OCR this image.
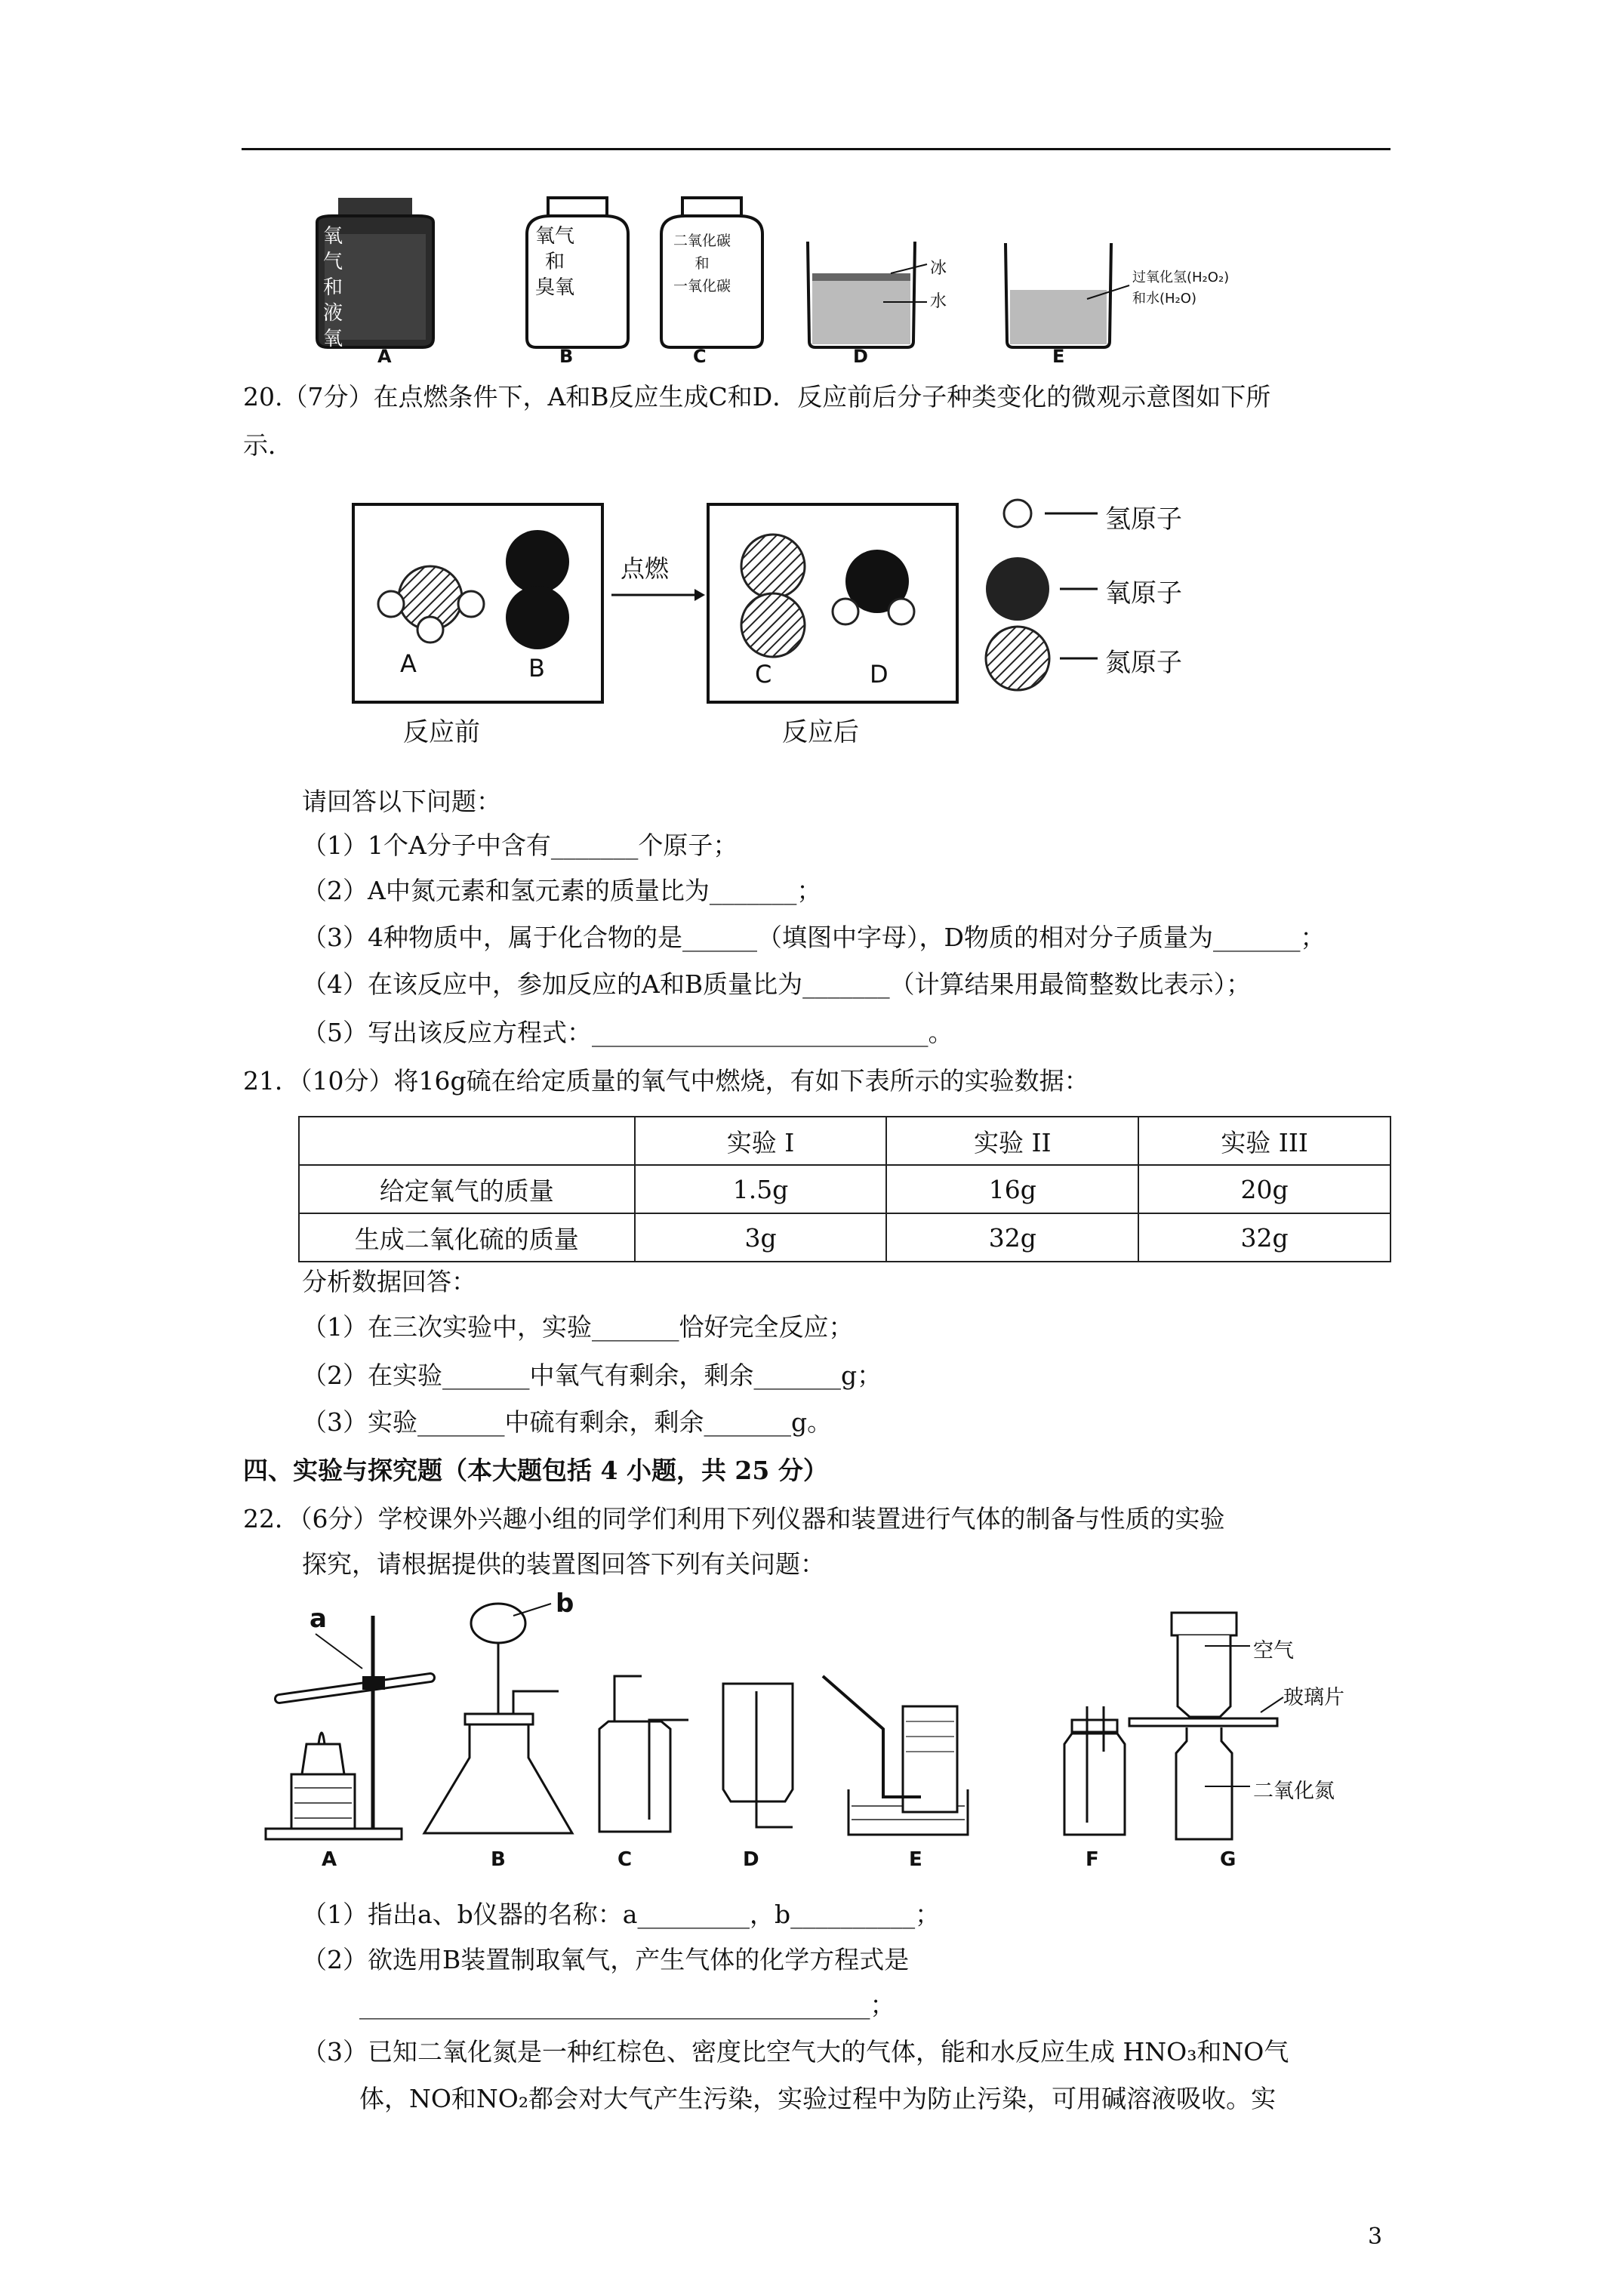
氧气
和
液氧
氧气
和
臭氧
二氧化碳
和
一氧化碳
冰
水
过氧化氢(H₂O₂)
和水(H₂O)
A	B	C	D	E
20.（7分）在点燃条件下，A和B反应生成C和D．反应前后分子种类变化的微观示意图如下所
示．
点燃
A	B	C	D
氢原子
氧原子
氮原子
反应前	反应后
请回答以下问题：
（1）1个A分子中含有_______个原子；
（2）A中氮元素和氢元素的质量比为_______；
（3）4种物质中，属于化合物的是______（填图中字母），D物质的相对分子质量为_______；
（4）在该反应中，参加反应的A和B质量比为_______（计算结果用最简整数比表示）；
（5）写出该反应方程式：___________________________。
21．（10分）将16g硫在给定质量的氧气中燃烧，有如下表所示的实验数据：
	实验 I	实验 II	实验 III
给定氧气的质量	1.5g	16g	20g
生成二氧化硫的质量	3g	32g	32g
分析数据回答：
（1）在三次实验中，实验_______恰好完全反应；
（2）在实验_______中氧气有剩余，剩余_______g；
（3）实验_______中硫有剩余，剩余_______g。
四、实验与探究题（本大题包括 4 小题，共 25 分）
22．（6分）学校课外兴趣小组的同学们利用下列仪器和装置进行气体的制备与性质的实验
探究，请根据提供的装置图回答下列有关问题：
a	b
空气
玻璃片
二氧化氮
A	B	C	D	E	F	G
（1）指出a、b仪器的名称：a_________，b__________；
（2）欲选用B装置制取氧气，产生气体的化学方程式是
_________________________________________；
（3）已知二氧化氮是一种红棕色、密度比空气大的气体，能和水反应生成 HNO₃和NO气
体，NO和NO₂都会对大气产生污染，实验过程中为防止污染，可用碱溶液吸收。实
3
